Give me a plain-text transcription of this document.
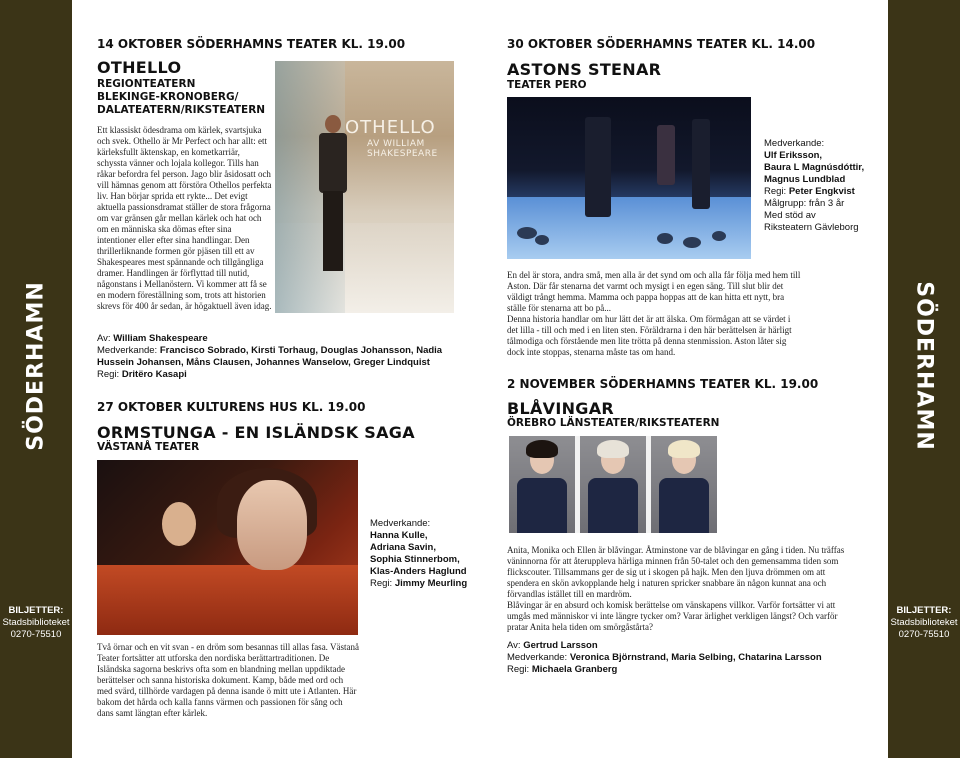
SÖDERHAMN
BILJETTER:
Stadsbiblioteket
0270-75510
SÖDERHAMN
BILJETTER:
Stadsbiblioteket
0270-75510
14 OKTOBER SÖDERHAMNS TEATER KL. 19.00
OTHELLO
REGIONTEATERN
BLEKINGE-KRONOBERG/
DALATEATERN/RIKSTEATERN
Ett klassiskt ödesdrama om kärlek, svartsjuka och svek. Othello är Mr Perfect och har allt: ett kärleksfullt äktenskap, en kometkarriär, schyssta vänner och lojala kollegor. Tills han råkar befordra fel person. Jago blir åsidosatt och vill hämnas genom att förstöra Othellos perfekta liv. Han börjar sprida ett rykte... Det evigt aktuella passionsdramat ställer de stora frågorna om var gränsen går mellan kärlek och hat och om en människa ska dömas efter sina intentioner eller efter sina handlingar. Den thrillerliknande formen gör pjäsen till ett av Shakespeares mest spännande och tillgängliga dramer. Handlingen är förflyttad till nutid, någonstans i Mellanöstern. Vi kommer att få se en modern föreställning som, trots att historien skrevs för 400 år sedan, är högaktuell även idag.
OTHELLO
AV WILLIAM SHAKESPEARE
Av: William Shakespeare
Medverkande: Francisco Sobrado, Kirsti Torhaug, Douglas Johansson, Nadia Hussein Johansen, Måns Clausen, Johannes Wanselow, Greger Lindquist
Regi: Dritëro Kasapi
27 OKTOBER KULTURENS HUS KL. 19.00
ORMSTUNGA - EN ISLÄNDSK SAGA
VÄSTANÅ TEATER
Medverkande:
Hanna Kulle,
Adriana Savin,
Sophia Stinnerbom,
Klas-Anders Haglund
Regi: Jimmy Meurling
Två örnar och en vit svan - en dröm som besannas till allas fasa. Västanå Teater fortsätter att utforska den nordiska berättartraditionen. De Isländska sagorna beskrivs ofta som en blandning mellan uppdiktade berättelser och sanna historiska dokument. Kamp, både med ord och med svärd, tillhörde vardagen på denna isande ö mitt ute i Atlanten. Här bakom det hårda och kalla fanns värmen och passionen för sång och dans samt längtan efter kärlek.
30 OKTOBER SÖDERHAMNS TEATER KL. 14.00
ASTONS STENAR
TEATER PERO
Medverkande:
Ulf Eriksson,
Baura L Magnúsdóttir,
Magnus Lundblad
Regi: Peter Engkvist
Målgrupp: från 3 år
Med stöd av
Riksteatern Gävleborg
En del är stora, andra små, men alla är det synd om och alla får följa med hem till Aston. Där får stenarna det varmt och mysigt i en egen säng. Till slut blir det väldigt trångt hemma. Mamma och pappa hoppas att de kan hitta ett nytt, bra ställe för stenarna att bo på...
Denna historia handlar om hur lätt det är att älska. Om förmågan att se värdet i det lilla - till och med i en liten sten. Föräldrarna i den här berättelsen är härligt tålmodiga och förstående men lite trötta på denna stenmission. Aston låter sig dock inte stoppas, stenarna måste tas om hand.
2 NOVEMBER SÖDERHAMNS TEATER KL. 19.00
BLÅVINGAR
ÖREBRO LÄNSTEATER/RIKSTEATERN
Anita, Monika och Ellen är blåvingar. Åtminstone var de blåvingar en gång i tiden. Nu träffas väninnorna för att återuppleva härliga minnen från 50-talet och den gemensamma tiden som flickscouter. Tillsammans ger de sig ut i skogen på hajk. Men den ljuva drömmen om att spendera en skön avkopplande helg i naturen spricker snabbare än någon kunnat ana och förvandlas istället till en mardröm.
Blåvingar är en absurd och komisk berättelse om vänskapens villkor. Varför fortsätter vi att umgås med människor vi inte längre tycker om? Varar ärlighet verkligen längst? Och varför pratar Anita hela tiden om smörgåstårta?
Av: Gertrud Larsson
Medverkande: Veronica Björnstrand, Maria Selbing, Chatarina Larsson
Regi: Michaela Granberg
